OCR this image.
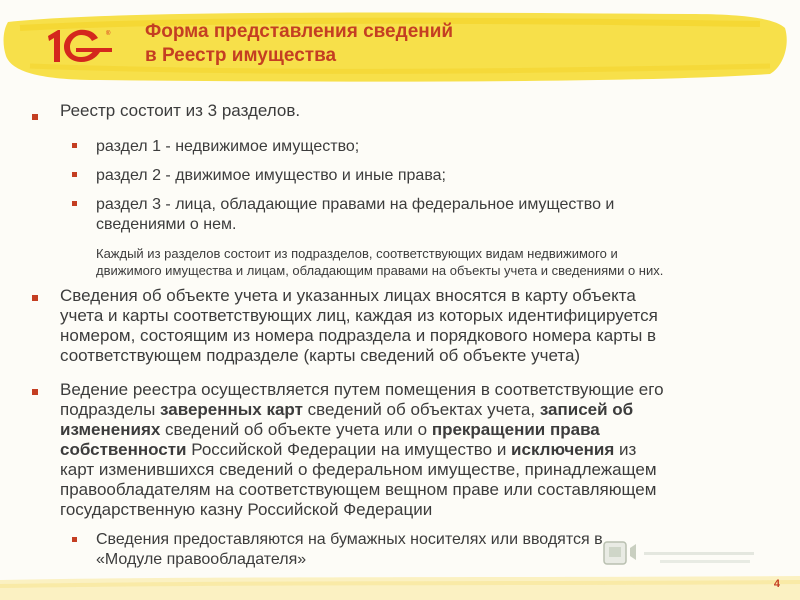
® Форма представления сведений
в Реестр имущества
Реестр состоит из 3 разделов.
раздел 1 - недвижимое имущество;
раздел 2 - движимое имущество и иные права;
раздел 3 - лица, обладающие правами на федеральное имущество и
сведениями о нем.
Каждый из разделов состоит из подразделов, соответствующих видам недвижимого и
движимого имущества и лицам, обладающим правами на объекты учета и сведениями о них.
Сведения об объекте учета и указанных лицах вносятся в карту объекта
учета и карты соответствующих лиц, каждая из которых идентифицируется
номером, состоящим из номера подраздела и порядкового номера карты в
соответствующем подразделе (карты сведений об объекте учета)
Ведение реестра осуществляется путем помещения в соответствующие его
подразделы заверенных карт сведений об объектах учета, записей об
изменениях сведений об объекте учета или о прекращении права
собственности Российской Федерации на имущество и исключения из
карт изменившихся сведений о федеральном имуществе, принадлежащем
правообладателям на соответствующем вещном праве или составляющем
государственную казну Российской Федерации
Сведения предоставляются на бумажных носителях или вводятся в
«Модуле правообладателя»
4
